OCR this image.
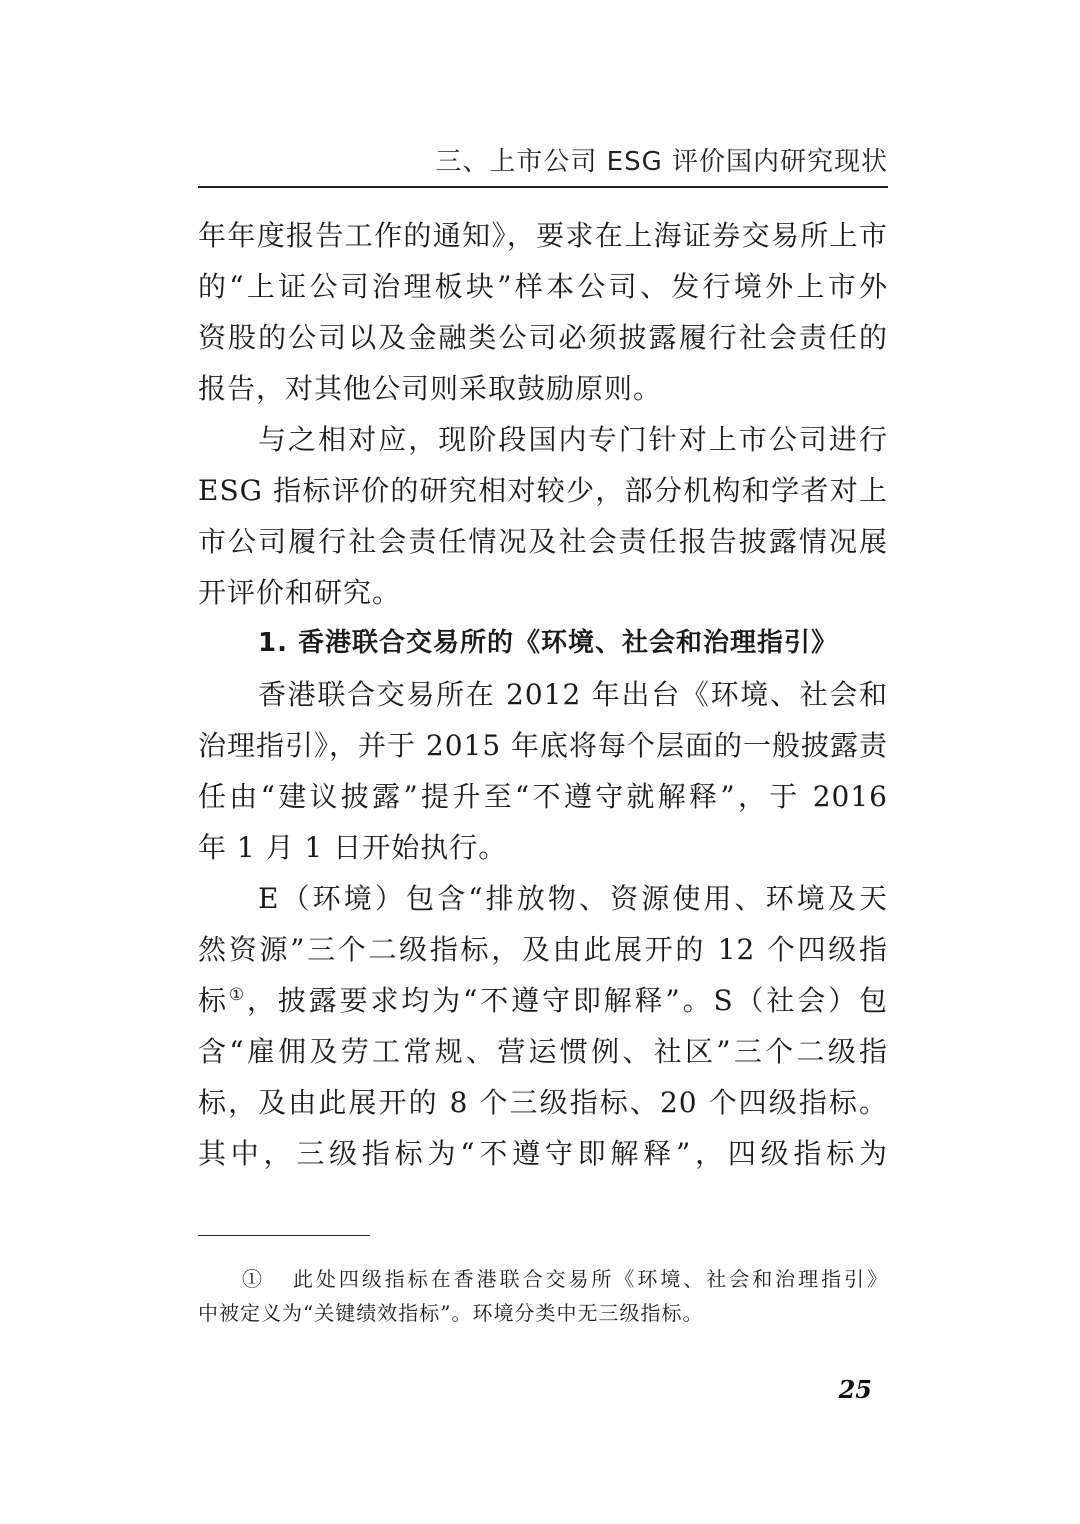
三、上市公司 ESG 评价国内研究现状
年年度报告工作的通知》，要求在上海证券交易所上市
的“上证公司治理板块”样本公司、发行境外上市外
资股的公司以及金融类公司必须披露履行社会责任的
报告，对其他公司则采取鼓励原则。
与之相对应，现阶段国内专门针对上市公司进行
ESG 指标评价的研究相对较少，部分机构和学者对上
市公司履行社会责任情况及社会责任报告披露情况展
开评价和研究。
1. 香港联合交易所的《环境、社会和治理指引》
香港联合交易所在 2012 年出台《环境、社会和
治理指引》，并于 2015 年底将每个层面的一般披露责
任由“建议披露”提升至“不遵守就解释”，于 2016
年 1 月 1 日开始执行。
E（环境）包含“排放物、资源使用、环境及天
然资源”三个二级指标，及由此展开的 12 个四级指
标①，披露要求均为“不遵守即解释”。S（社会）包
含“雇佣及劳工常规、营运惯例、社区”三个二级指
标，及由此展开的 8 个三级指标、20 个四级指标。
其中，三级指标为“不遵守即解释”，四级指标为
① 此处四级指标在香港联合交易所《环境、社会和治理指引》
中被定义为“关键绩效指标”。环境分类中无三级指标。
25
